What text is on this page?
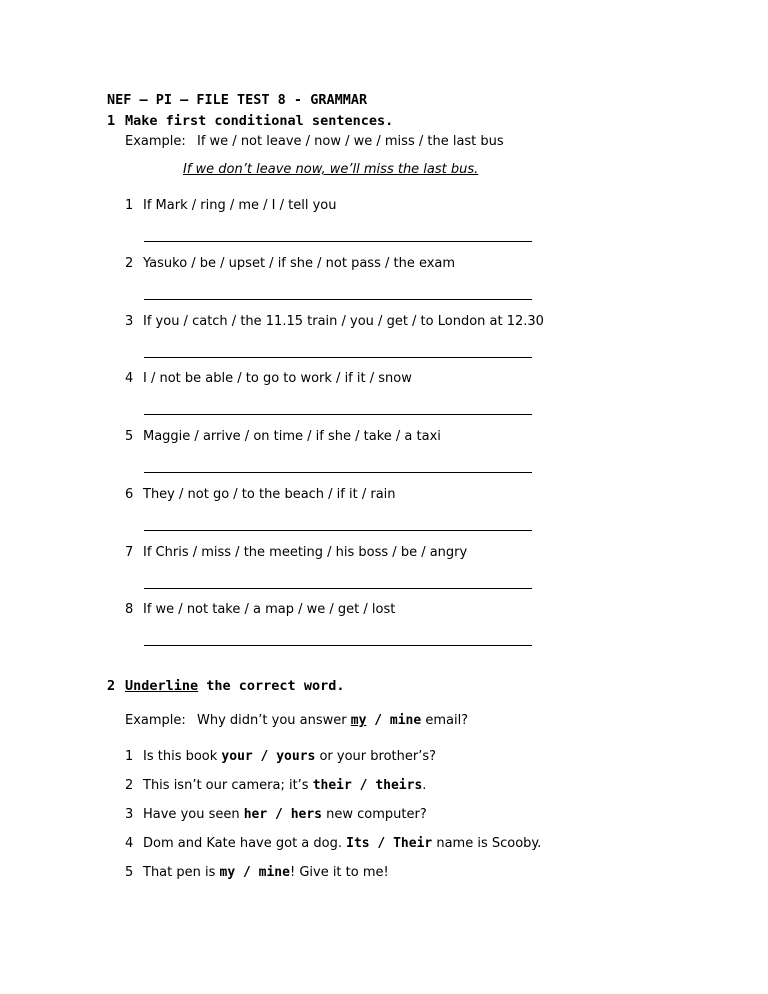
NEF – PI – FILE TEST 8 - GRAMMAR
1 Make first conditional sentences.
Example: If we / not leave / now / we / miss / the last bus
If we don’t leave now, we’ll miss the last bus.
1 If Mark / ring / me / I / tell you
2 Yasuko / be / upset / if she / not pass / the exam
3 If you / catch / the 11.15 train / you / get / to London at 12.30
4 I / not be able / to go to work / if it / snow
5 Maggie / arrive / on time / if she / take / a taxi
6 They / not go / to the beach / if it / rain
7 If Chris / miss / the meeting / his boss / be / angry
8 If we / not take / a map / we / get / lost
2 Underline the correct word.
Example: Why didn’t you answer my / mine email?
1 Is this book your / yours or your brother’s?
2 This isn’t our camera; it’s their / theirs.
3 Have you seen her / hers new computer?
4 Dom and Kate have got a dog. Its / Their name is Scooby.
5 That pen is my / mine! Give it to me!
